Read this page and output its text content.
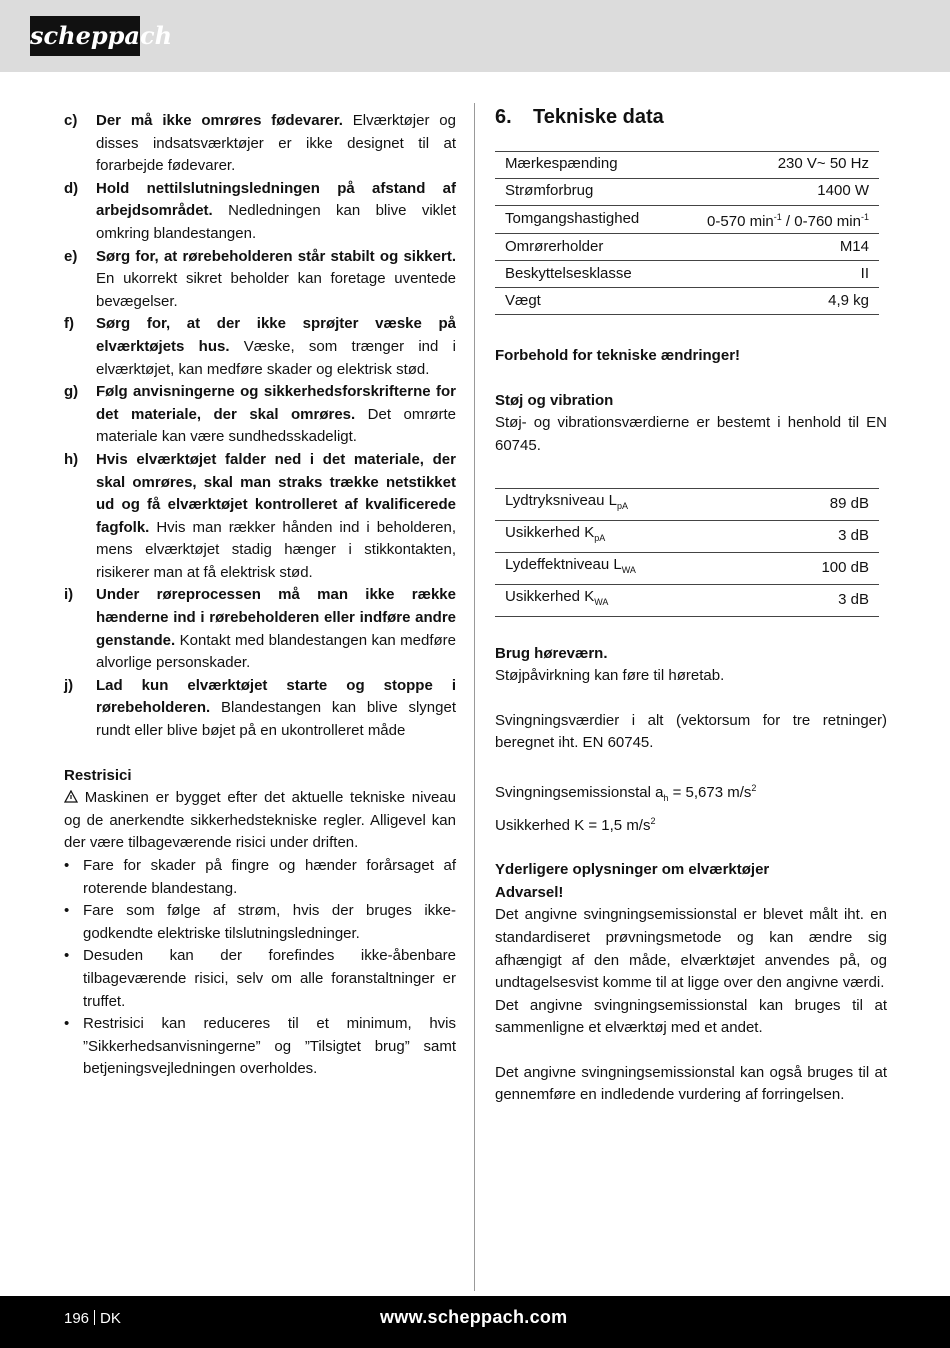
scheppach
c)	Der må ikke omrøres fødevarer. Elværktøjer og disses indsatsværktøjer er ikke designet til at forarbejde fødevarer.
d)	Hold nettilslutningsledningen på afstand af arbejdsområdet. Nedledningen kan blive viklet omkring blandestangen.
e)	Sørg for, at rørebeholderen står stabilt og sikkert. En ukorrekt sikret beholder kan foretage uventede bevægelser.
f)	Sørg for, at der ikke sprøjter væske på elværktøjets hus. Væske, som trænger ind i elværktøjet, kan medføre skader og elektrisk stød.
g)	Følg anvisningerne og sikkerhedsforskrifterne for det materiale, der skal omrøres. Det omrørte materiale kan være sundhedsskadeligt.
h)	Hvis elværktøjet falder ned i det materiale, der skal omrøres, skal man straks trække netstikket ud og få elværktøjet kontrolleret af kvalificerede fagfolk. Hvis man rækker hånden ind i beholderen, mens elværktøjet stadig hænger i stikkontakten, risikerer man at få elektrisk stød.
i)	Under røreprocessen må man ikke række hænderne ind i rørebeholderen eller indføre andre genstande. Kontakt med blandestangen kan medføre alvorlige personskader.
j)	Lad kun elværktøjet starte og stoppe i rørebeholderen. Blandestangen kan blive slynget rundt eller blive bøjet på en ukontrolleret måde
Restrisici
Maskinen er bygget efter det aktuelle tekniske niveau og de anerkendte sikkerhedstekniske regler. Alligevel kan der være tilbageværende risici under driften.
• Fare for skader på fingre og hænder forårsaget af roterende blandestang.
• Fare som følge af strøm, hvis der bruges ikke-godkendte elektriske tilslutningsledninger.
• Desuden kan der forefindes ikke-åbenbare tilbageværende risici, selv om alle foranstaltninger er truffet.
• Restrisici kan reduceres til et minimum, hvis ”Sikkerhedsanvisningerne” og ”Tilsigtet brug” samt betjeningsvejledningen overholdes.
6.	Tekniske data
Mærkespænding	230 V~ 50 Hz
Strømforbrug	1400 W
Tomgangshastighed	0-570 $\min^{-1} / 0-760$ $\min^{-1}$
Omrørerholder	M14
Beskyttelsesklasse	II
Vægt	4,9 kg
Forbehold for tekniske ændringer!
Støj og vibration
Støj- og vibrationsværdierne er bestemt i henhold til EN 60745.
Lydtryksniveau $L_{pA}$	89 dB
Usikkerhed $K_{pA}$	3 dB
Lydeffektniveau $L_{WA}$	100 dB
Usikkerhed $K_{WA}$	3 dB
Brug høreværn.
Støjpåvirkning kan føre til høretab.
Svingningsværdier i alt (vektorsum for tre retninger) beregnet iht. EN 60745.
Svingningsemissionstal $a_h = 5,673$ $m/s^2$
Usikkerhed K = 1,5 $m/s^2$
Yderligere oplysninger om elværktøjer
Advarsel!
Det angivne svingningsemissionstal er blevet målt iht. en standardiseret prøvningsmetode og kan ændre sig afhængigt af den måde, elværktøjet anvendes på, og undtagelsesvist komme til at ligge over den angivne værdi.
Det angivne svingningsemissionstal kan bruges til at sammenligne et elværktøj med et andet.
Det angivne svingningsemissionstal kan også bruges til at gennemføre en indledende vurdering af forringelsen.
196 DK	www.scheppach.com
